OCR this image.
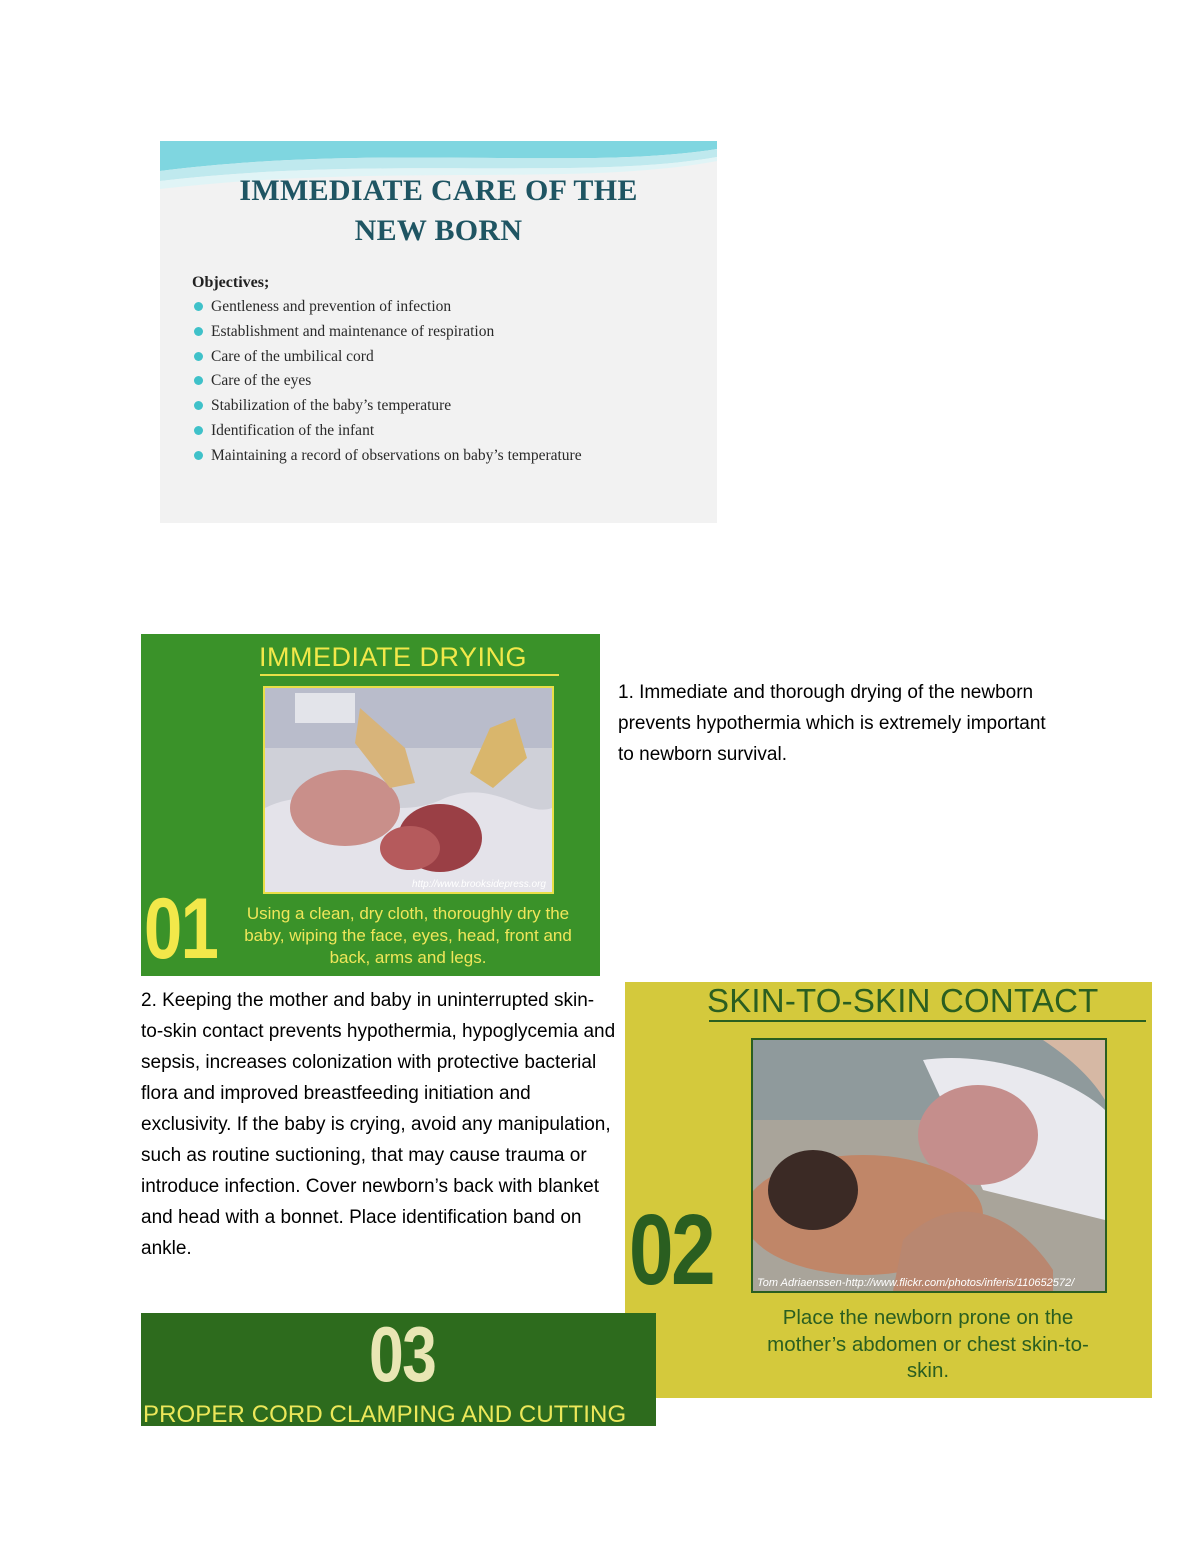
IMMEDIATE CARE OF THE
NEW BORN
Objectives;
Gentleness and prevention of infection
Establishment and maintenance of respiration
Care of the umbilical cord
Care of the eyes
Stabilization of the baby’s temperature
Identification of the infant
Maintaining a record of observations on baby’s temperature
IMMEDIATE DRYING
http://www.brooksidepress.org
01	Using a clean, dry cloth, thoroughly dry the baby, wiping the face, eyes, head, front and back, arms and legs.
1. Immediate and thorough drying of the newborn prevents hypothermia which is extremely important to newborn survival.
2. Keeping the mother and baby in uninterrupted skin-to-skin contact prevents hypothermia, hypoglycemia and sepsis, increases colonization with protective bacterial flora and improved breastfeeding initiation and exclusivity. If the baby is crying, avoid any manipulation, such as routine suctioning, that may cause trauma or introduce infection. Cover newborn’s back with blanket and head with a bonnet. Place identification band on ankle.
SKIN-TO-SKIN CONTACT
Tom Adriaenssen-http://www.flickr.com/photos/inferis/110652572/
02
Place the newborn prone on the mother’s abdomen or chest skin-to-skin.
03
PROPER CORD CLAMPING AND CUTTING
